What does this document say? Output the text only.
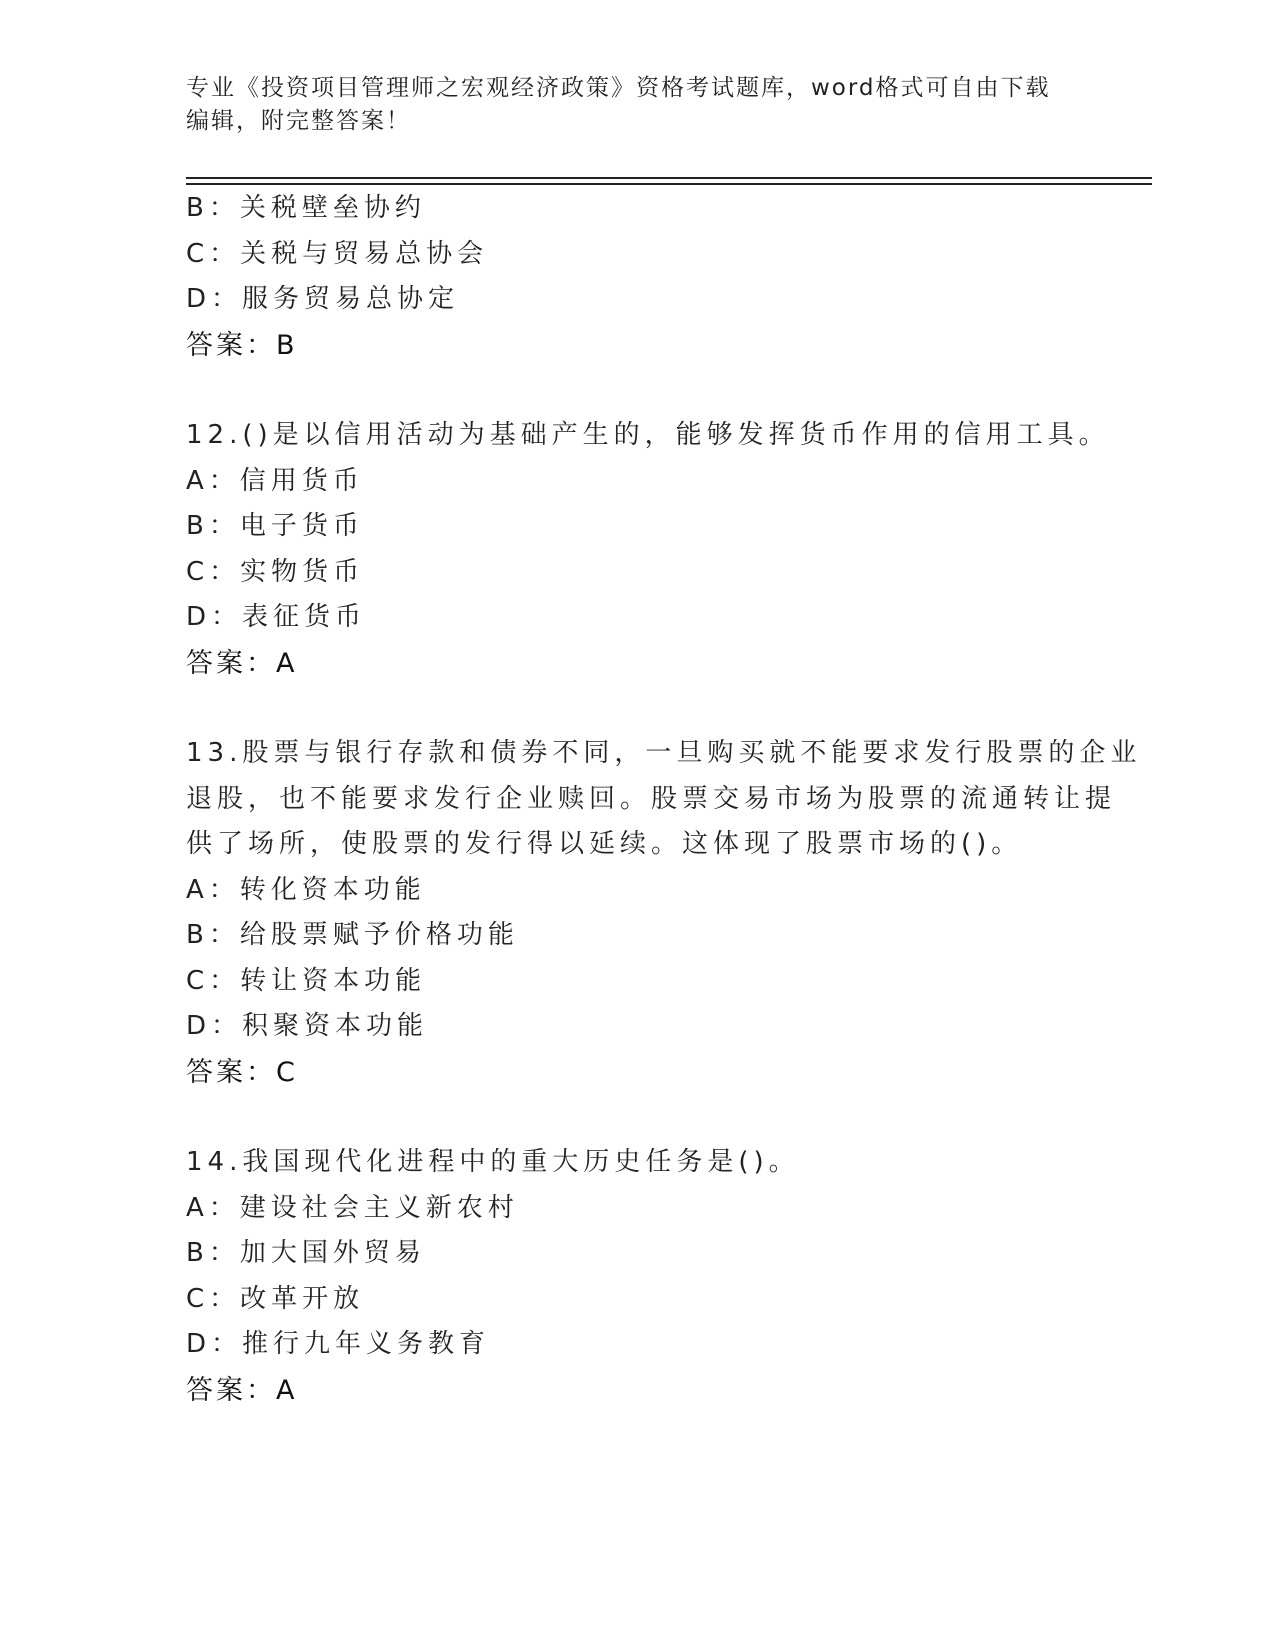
专业《投资项目管理师之宏观经济政策》资格考试题库，word格式可自由下载编辑，附完整答案！
B：关税壁垒协约
C：关税与贸易总协会
D：服务贸易总协定
答案：B
12.()是以信用活动为基础产生的，能够发挥货币作用的信用工具。
A：信用货币
B：电子货币
C：实物货币
D：表征货币
答案：A
13.股票与银行存款和债券不同，一旦购买就不能要求发行股票的企业
退股，也不能要求发行企业赎回。股票交易市场为股票的流通转让提
供了场所，使股票的发行得以延续。这体现了股票市场的()。
A：转化资本功能
B：给股票赋予价格功能
C：转让资本功能
D：积聚资本功能
答案：C
14.我国现代化进程中的重大历史任务是()。
A：建设社会主义新农村
B：加大国外贸易
C：改革开放
D：推行九年义务教育
答案：A
